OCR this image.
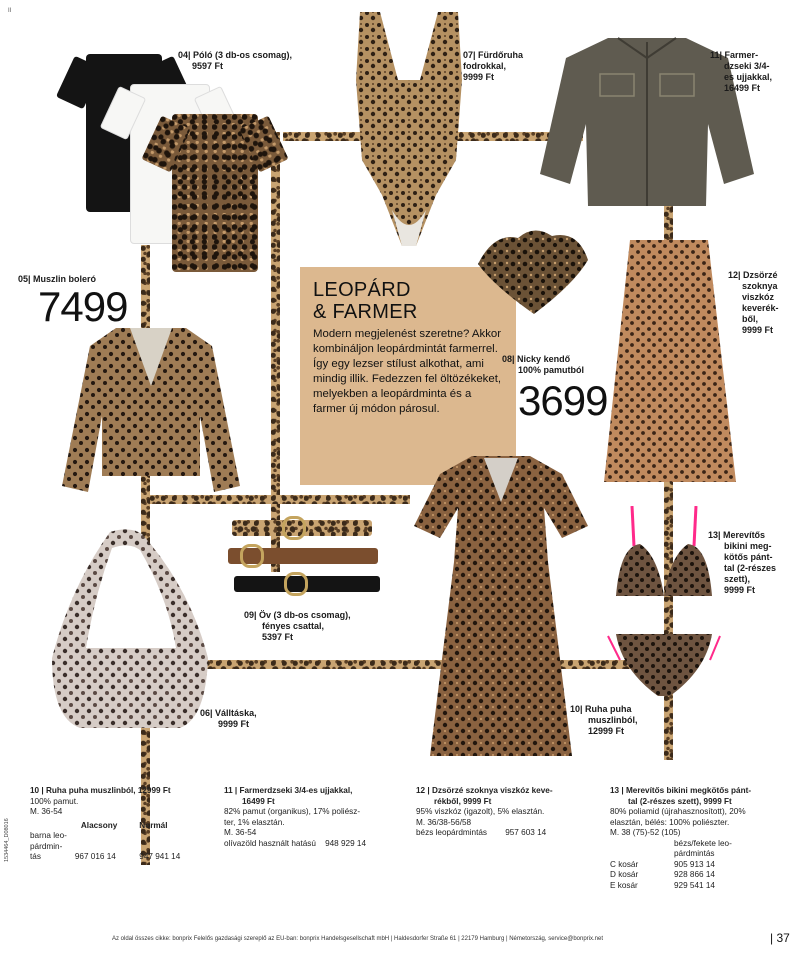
II
04| Póló (3 db-os csomag),
9597 Ft
07| Fürdőruha
fodrokkal,
9999 Ft
11| Farmer-
dzseki 3/4-
es ujjakkal,
16499 Ft
05| Muszlin boleró
7499	LEOPÁRD
& FARMER

Modern megjelenést szeretne? Akkor kombináljon leopárdmintát farmerrel. Így egy lezser stílust alkothat, ami mindig illik. Fedezzen fel öltözékeket, melyekben a leopárdminta és a farmer új módon párosul.

08| Nicky kendő
100% pamutból
3699
12| Dzsörzé
szoknya
viszkóz
keverék-
ből,
9999 Ft
09| Öv (3 db-os csomag),
fényes csattal,
5397 Ft
10| Ruha puha
muszlinból,
12999 Ft
13| Merevítős
bikini meg-
kötős pánt-
tal (2-részes
szett),
9999 Ft
06| Válltáska,
9999 Ft
10 | Ruha puha muszlinból, 12999 Ft
100% pamut.
M. 36-54
	Alacsony	Normál
barna leo-
párdmin-
tás	967 016 14	947 941 14
11 | Farmerdzseki 3/4-es ujjakkal,
16499 Ft
82% pamut (organikus), 17% poliész-
ter, 1% elasztán.
M. 36-54
olívazöld használt hatású 948 929 14
12 | Dzsörzé szoknya viszkóz keve-
rékből, 9999 Ft
95% viszkóz (igazolt), 5% elasztán.
M. 36/38-56/58
bézs leopárdmintás 957 603 14
13 | Merevítős bikini megkötős pánt-
tal (2-részes szett), 9999 Ft
80% poliamid (újrahasznosított), 20%
elasztán, bélés: 100% poliészter.
M. 38 (75)-52 (105)
	bézs/fekete leo-
	párdmintás
C kosár	905 913 14
D kosár	928 866 14
E kosár	929 541 14
1534464_D08016
Az oldal összes cikke: bonprix Felelős gazdasági szereplő az EU-ban: bonprix Handelsgesellschaft mbH | Haldesdorfer Straße 61 | 22179 Hamburg | Németország, service@bonprix.net	| 37
